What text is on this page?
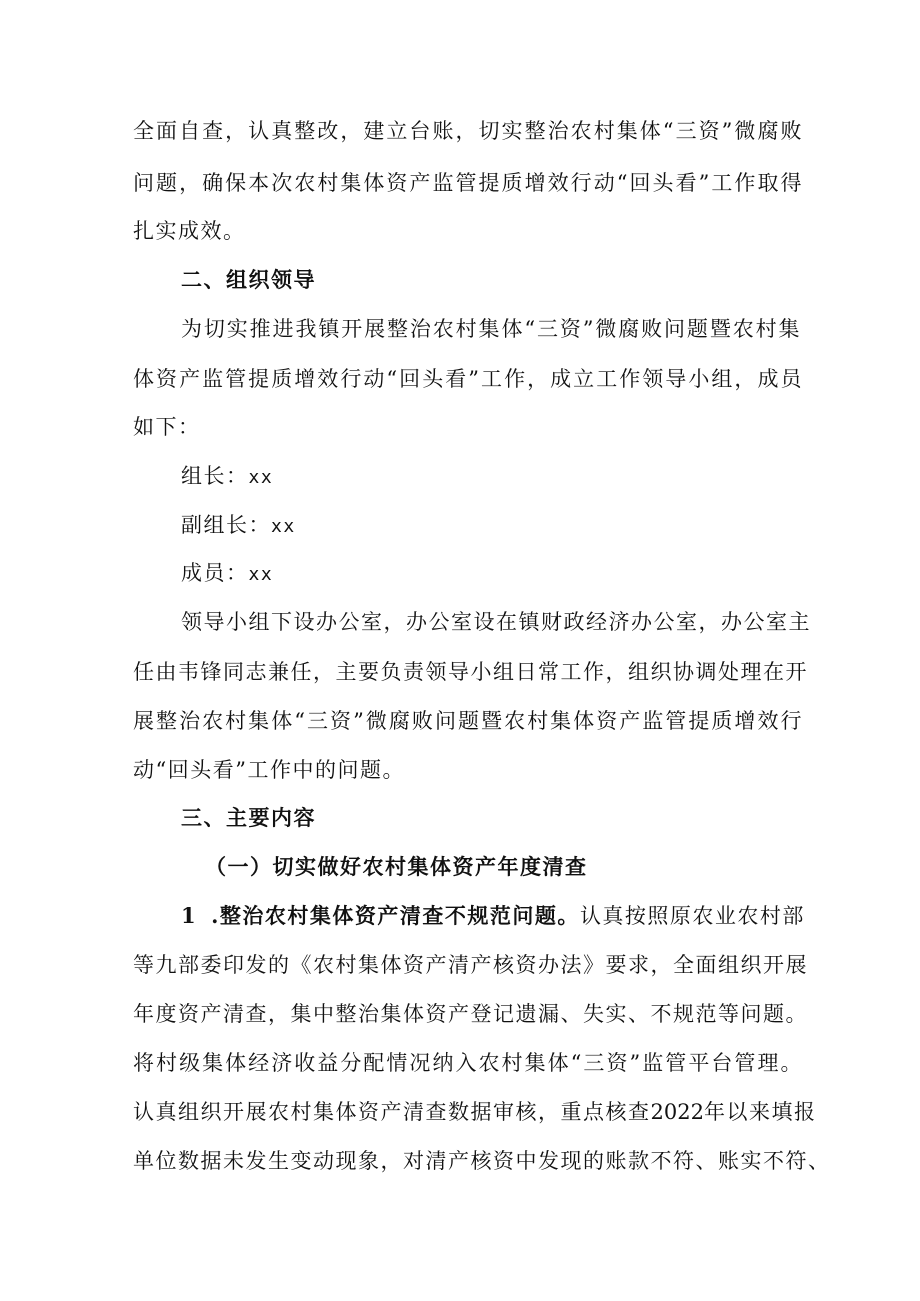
全面自查，认真整改，建立台账，切实整治农村集体“三资”微腐败
问题，确保本次农村集体资产监管提质增效行动“回头看”工作取得
扎实成效。
二、组织领导
为切实推进我镇开展整治农村集体“三资”微腐败问题暨农村集
体资产监管提质增效行动“回头看”工作，成立工作领导小组，成员
如下：
组长：xx
副组长：xx
成员：xx
领导小组下设办公室，办公室设在镇财政经济办公室，办公室主
任由韦锋同志兼任，主要负责领导小组日常工作，组织协调处理在开
展整治农村集体“三资”微腐败问题暨农村集体资产监管提质增效行
动“回头看”工作中的问题。
三、主要内容
（一）切实做好农村集体资产年度清查
1 .整治农村集体资产清查不规范问题。认真按照原农业农村部
等九部委印发的《农村集体资产清产核资办法》要求，全面组织开展
年度资产清查，集中整治集体资产登记遗漏、失实、不规范等问题。
将村级集体经济收益分配情况纳入农村集体“三资”监管平台管理。
认真组织开展农村集体资产清查数据审核，重点核查2022年以来填报
单位数据未发生变动现象，对清产核资中发现的账款不符、账实不符、
